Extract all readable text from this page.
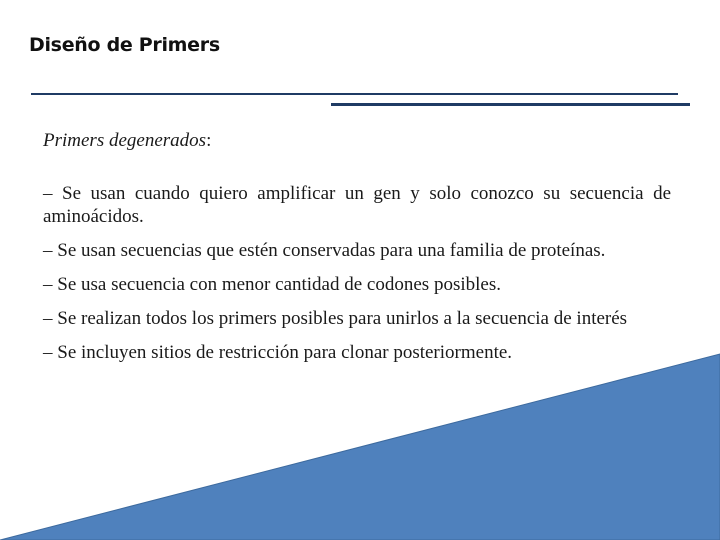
Diseño de Primers

Primers degenerados:

– Se usan cuando quiero amplificar un gen y solo conozco su secuencia de aminoácidos.
– Se usan secuencias que estén conservadas para una familia de proteínas.
– Se usa secuencia con menor cantidad de codones posibles.
– Se realizan todos los primers posibles para unirlos a la secuencia de interés
– Se incluyen sitios de restricción para clonar posteriormente.
